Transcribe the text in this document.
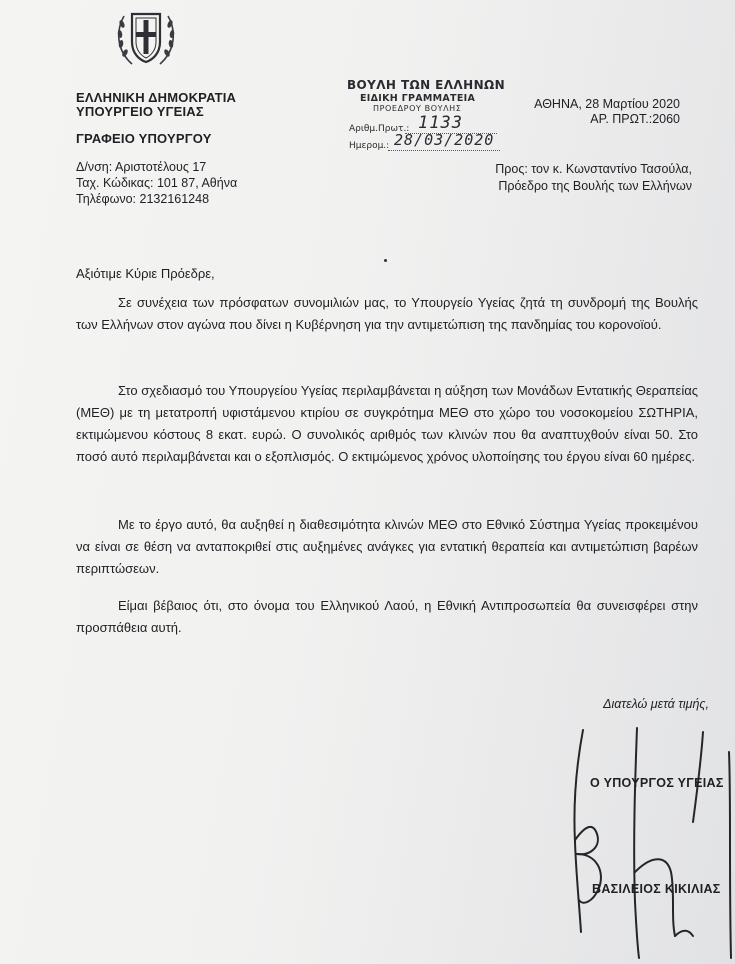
ΕΛΛΗΝΙΚΗ ΔΗΜΟΚΡΑΤΙΑ
ΥΠΟΥΡΓΕΙΟ ΥΓΕΙΑΣ
ΓΡΑΦΕΙΟ ΥΠΟΥΡΓΟΥ
Δ/νση: Αριστοτέλους 17
Ταχ. Κώδικας: 101 87, Αθήνα
Τηλέφωνο: 2132161248
ΒΟΥΛΗ ΤΩΝ ΕΛΛΗΝΩΝ
ΕΙΔΙΚΗ ΓΡΑΜΜΑΤΕΙΑ
ΠΡΟΕΔΡΟΥ ΒΟΥΛΗΣ
Αριθμ.Πρωτ.: 1133
Ημερομ.: 28/03/2020
ΑΘΗΝΑ, 28 Μαρτίου 2020
ΑΡ. ΠΡΩΤ.:2060
Προς: τον κ. Κωνσταντίνο Τασούλα,
Πρόεδρο της Βουλής των Ελλήνων
Αξιότιμε Κύριε Πρόεδρε,

Σε συνέχεια των πρόσφατων συνομιλιών μας, το Υπουργείο Υγείας ζητά τη συνδρομή της Βουλής των Ελλήνων στον αγώνα που δίνει η Κυβέρνηση για την αντιμετώπιση της πανδημίας του κορονοϊού.

Στο σχεδιασμό του Υπουργείου Υγείας περιλαμβάνεται η αύξηση των Μονάδων Εντατικής Θεραπείας (ΜΕΘ) με τη μετατροπή υφιστάμενου κτιρίου σε συγκρότημα ΜΕΘ στο χώρο του νοσοκομείου ΣΩΤΗΡΙΑ, εκτιμώμενου κόστους 8 εκατ. ευρώ. Ο συνολικός αριθμός των κλινών που θα αναπτυχθούν είναι 50. Στο ποσό αυτό περιλαμβάνεται και ο εξοπλισμός. Ο εκτιμώμενος χρόνος υλοποίησης του έργου είναι 60 ημέρες.

Με το έργο αυτό, θα αυξηθεί η διαθεσιμότητα κλινών ΜΕΘ στο Εθνικό Σύστημα Υγείας προκειμένου να είναι σε θέση να ανταποκριθεί στις αυξημένες ανάγκες για εντατική θεραπεία και αντιμετώπιση βαρέων περιπτώσεων.

Είμαι βέβαιος ότι, στο όνομα του Ελληνικού Λαού, η Εθνική Αντιπροσωπεία θα συνεισφέρει στην προσπάθεια αυτή.

Διατελώ μετά τιμής,
Ο ΥΠΟΥΡΓΟΣ ΥΓΕΙΑΣ
ΒΑΣΙΛΕΙΟΣ ΚΙΚΙΛΙΑΣ
